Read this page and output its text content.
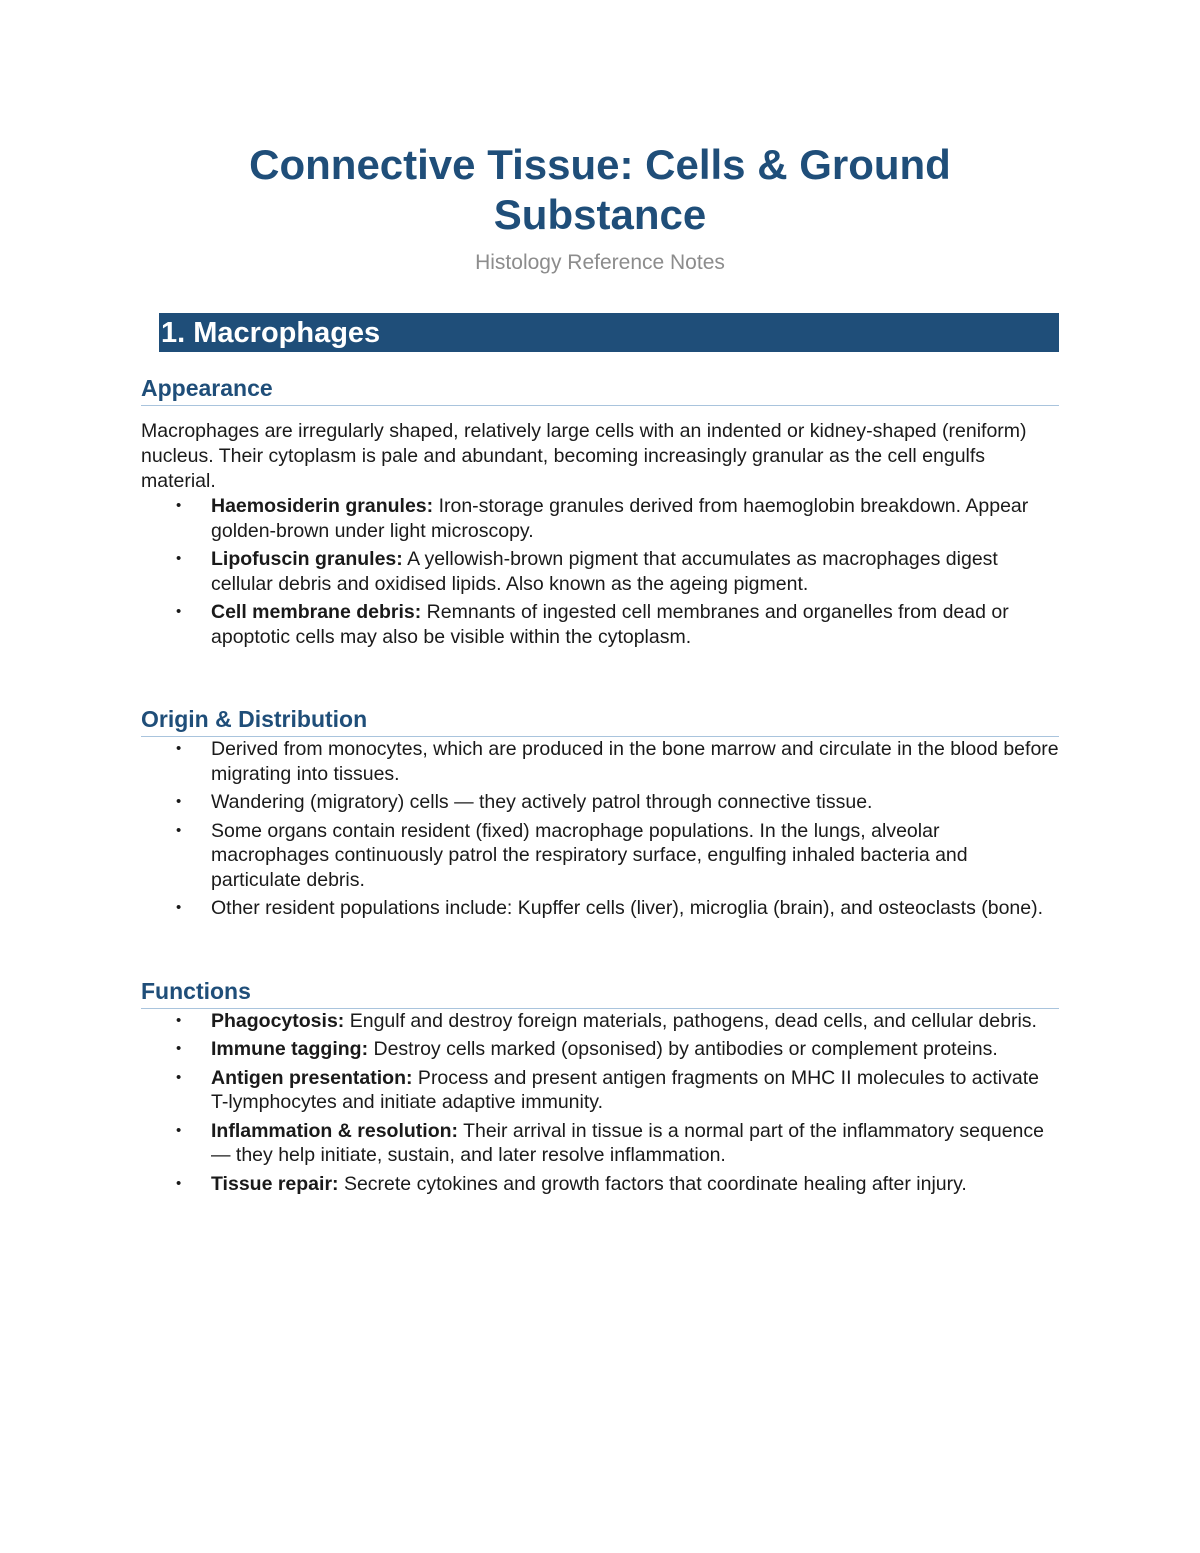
Connective Tissue: Cells & Ground Substance
Histology Reference Notes
1. Macrophages
Appearance
Macrophages are irregularly shaped, relatively large cells with an indented or kidney-shaped (reniform) nucleus. Their cytoplasm is pale and abundant, becoming increasingly granular as the cell engulfs material.
• Haemosiderin granules: Iron-storage granules derived from haemoglobin breakdown. Appear golden-brown under light microscopy.
• Lipofuscin granules: A yellowish-brown pigment that accumulates as macrophages digest cellular debris and oxidised lipids. Also known as the ageing pigment.
• Cell membrane debris: Remnants of ingested cell membranes and organelles from dead or apoptotic cells may also be visible within the cytoplasm.
Origin & Distribution
• Derived from monocytes, which are produced in the bone marrow and circulate in the blood before migrating into tissues.
• Wandering (migratory) cells — they actively patrol through connective tissue.
• Some organs contain resident (fixed) macrophage populations. In the lungs, alveolar macrophages continuously patrol the respiratory surface, engulfing inhaled bacteria and particulate debris.
• Other resident populations include: Kupffer cells (liver), microglia (brain), and osteoclasts (bone).
Functions
• Phagocytosis: Engulf and destroy foreign materials, pathogens, dead cells, and cellular debris.
• Immune tagging: Destroy cells marked (opsonised) by antibodies or complement proteins.
• Antigen presentation: Process and present antigen fragments on MHC II molecules to activate T-lymphocytes and initiate adaptive immunity.
• Inflammation & resolution: Their arrival in tissue is a normal part of the inflammatory sequence — they help initiate, sustain, and later resolve inflammation.
• Tissue repair: Secrete cytokines and growth factors that coordinate healing after injury.
